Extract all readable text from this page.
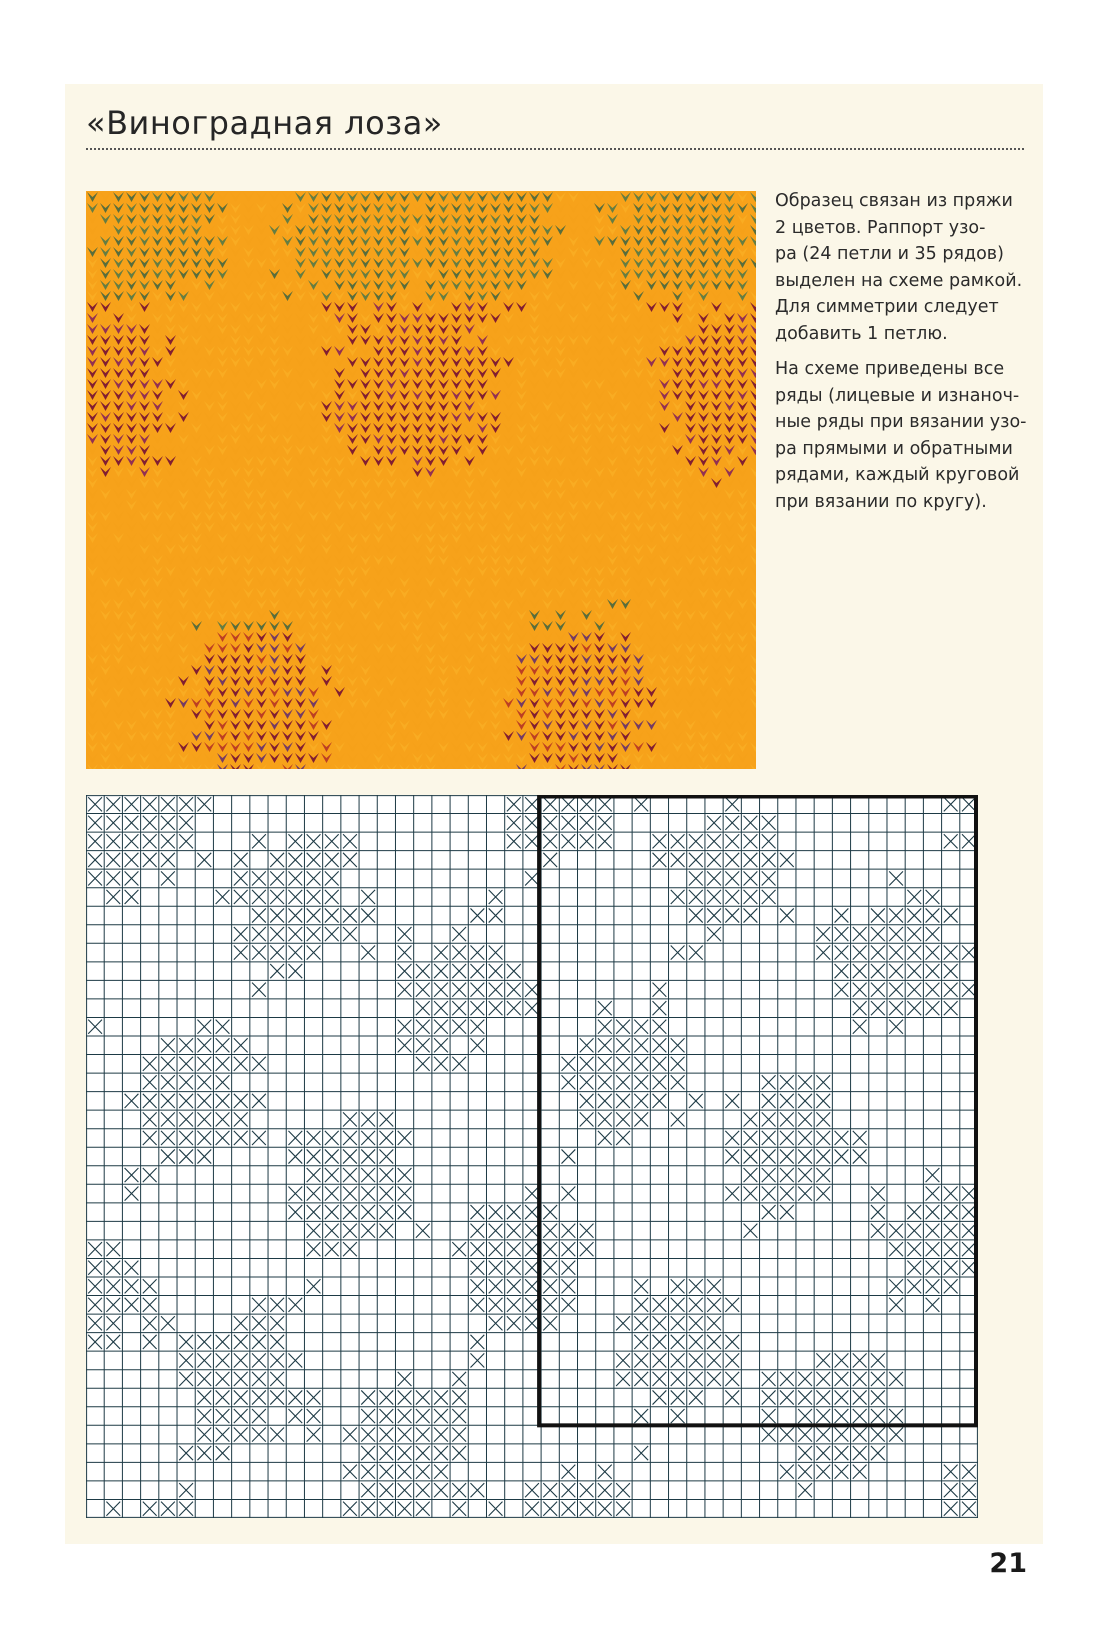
«Виноградная лоза»

Образец связан из пряжи
2 цветов. Раппорт узо-
ра (24 петли и 35 рядов)
выделен на схеме рамкой.
Для симметрии следует
добавить 1 петлю.

На схеме приведены все
ряды (лицевые и изнаноч-
ные ряды при вязании узо-
ра прямыми и обратными
рядами, каждый круговой
при вязании по кругу).

21
